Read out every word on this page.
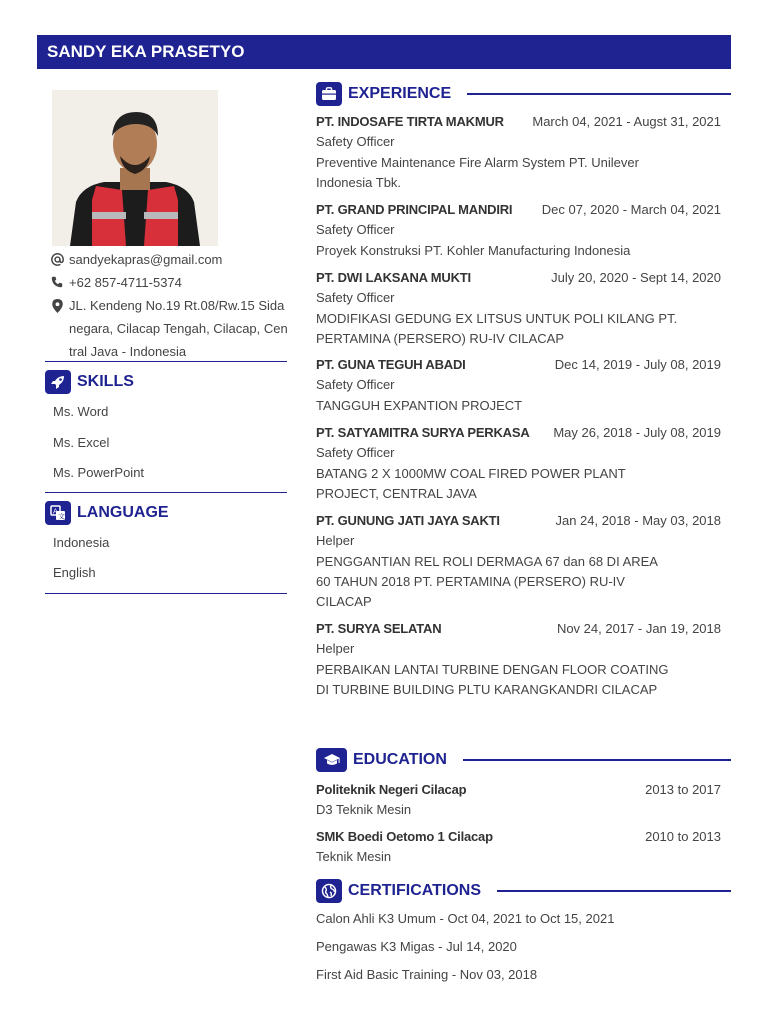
SANDY EKA PRASETYO
sandyekapras@gmail.com
+62 857-4711-5374
JL. Kendeng No.19 Rt.08/Rw.15 Sida
negara, Cilacap Tengah, Cilacap, Cen
tral Java - Indonesia
SKILLS
Ms. Word
Ms. Excel
Ms. PowerPoint
A
文 LANGUAGE
Indonesia
English
EXPERIENCE
PT. INDOSAFE TIRTA MAKMUR March 04, 2021 - Augst 31, 2021
Safety Officer
Preventive Maintenance Fire Alarm System PT. Unilever
Indonesia Tbk.
PT. GRAND PRINCIPAL MANDIRI Dec 07, 2020 - March 04, 2021
Safety Officer
Proyek Konstruksi PT. Kohler Manufacturing Indonesia
PT. DWI LAKSANA MUKTI	July 20, 2020 - Sept 14, 2020
Safety Officer
MODIFIKASI GEDUNG EX LITSUS UNTUK POLI KILANG PT.
PERTAMINA (PERSERO) RU-IV CILACAP
PT. GUNA TEGUH ABADI	Dec 14, 2019 - July 08, 2019
Safety Officer
TANGGUH EXPANTION PROJECT
PT. SATYAMITRA SURYA PERKASA May 26, 2018 - July 08, 2019
Safety Officer
BATANG 2 X 1000MW COAL FIRED POWER PLANT
PROJECT, CENTRAL JAVA
PT. GUNUNG JATI JAYA SAKTI	Jan 24, 2018 - May 03, 2018
Helper
PENGGANTIAN REL ROLI DERMAGA 67 dan 68 DI AREA
60 TAHUN 2018 PT. PERTAMINA (PERSERO) RU-IV
CILACAP
PT. SURYA SELATAN	Nov 24, 2017 - Jan 19, 2018
Helper
PERBAIKAN LANTAI TURBINE DENGAN FLOOR COATING
DI TURBINE BUILDING PLTU KARANGKANDRI CILACAP
EDUCATION
Politeknik Negeri Cilacap	2013 to 2017
D3 Teknik Mesin
SMK Boedi Oetomo 1 Cilacap	2010 to 2013
Teknik Mesin
CERTIFICATIONS
Calon Ahli K3 Umum - Oct 04, 2021 to Oct 15, 2021
Pengawas K3 Migas - Jul 14, 2020
First Aid Basic Training - Nov 03, 2018
